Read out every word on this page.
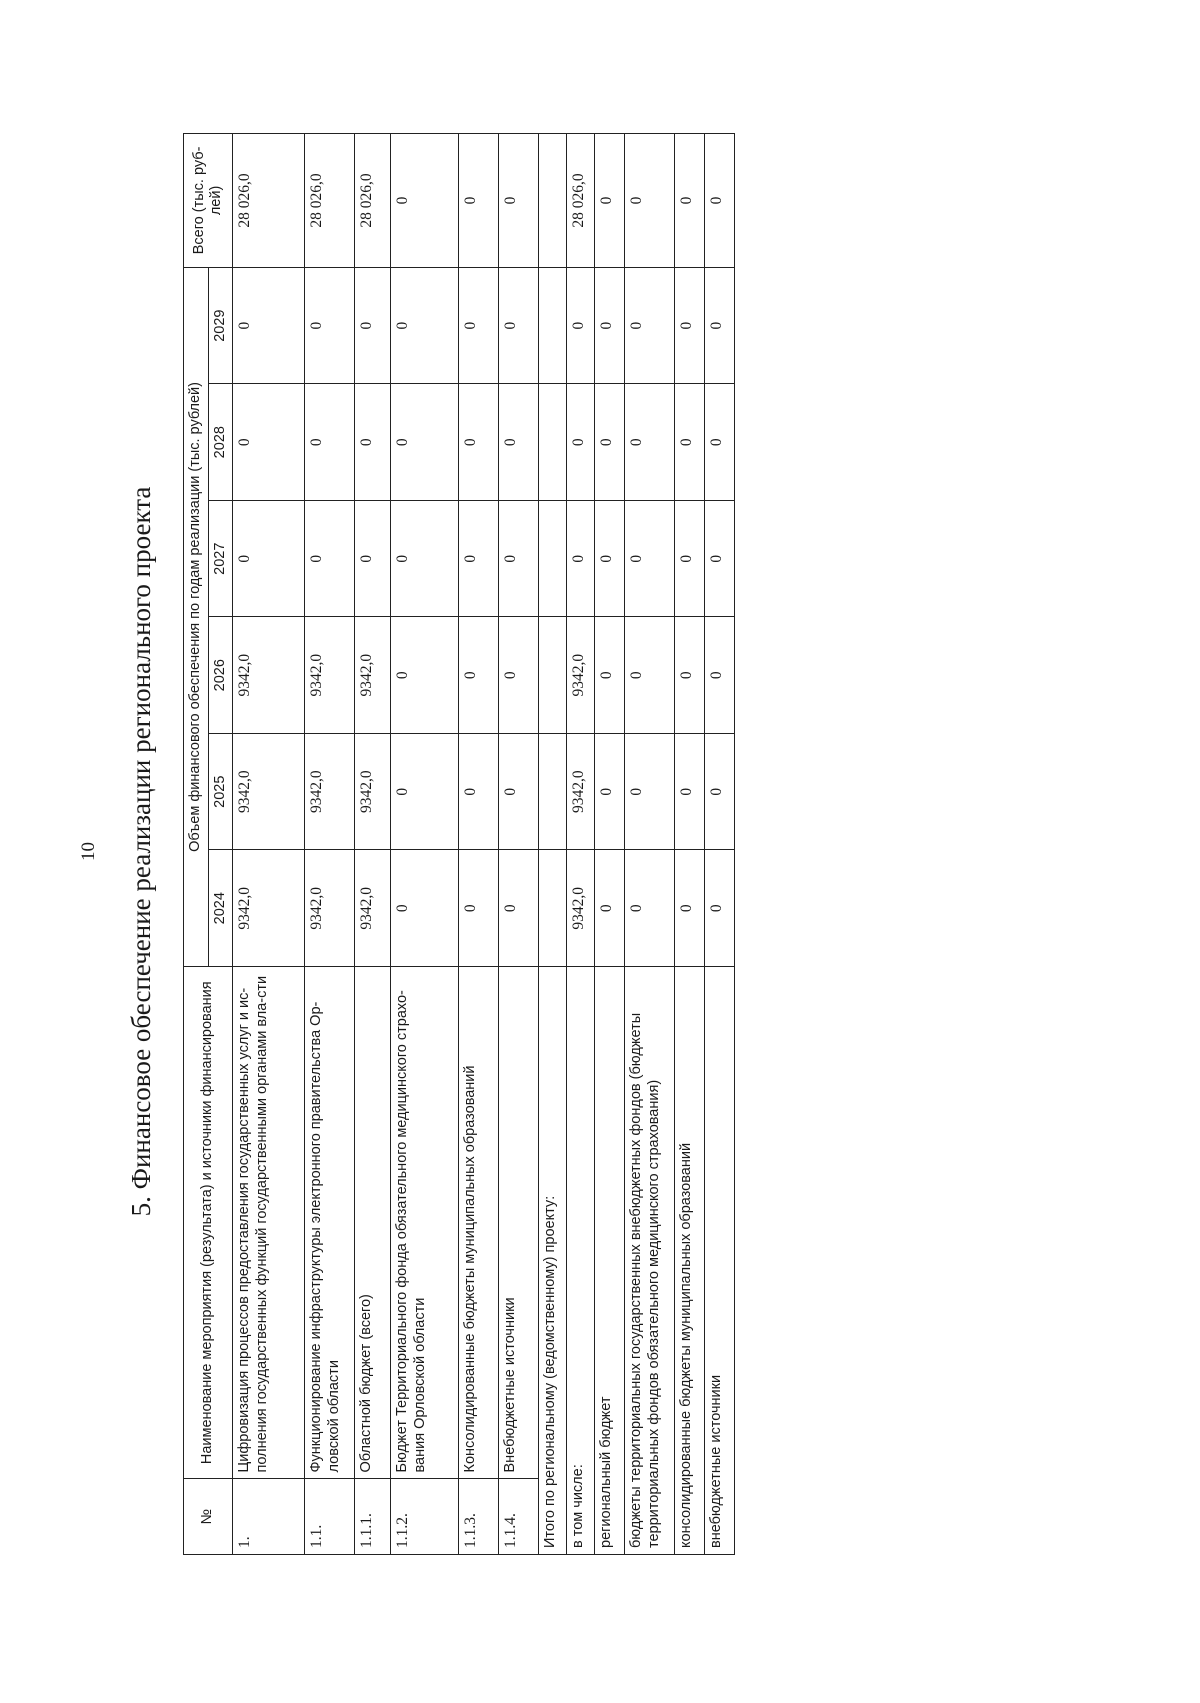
10 5. Финансовое обеспечение реализации регионального проекта
№	Наименование мероприятия (результата) и источники финансирования	Объем финансового обеспечения по годам реализации (тыс. рублей)						Всего (тыс. руб-лей)
		2024	2025	2026	2027	2028	2029	
1.	Цифровизация процессов предоставления государственных услуг и ис-полнения государственных функций государственными органами вла-сти	9342,0	9342,0	9342,0	0	0	0	28 026,0
1.1.	Функционирование инфраструктуры электронного правительства Ор-ловской области	9342,0	9342,0	9342,0	0	0	0	28 026,0
1.1.1.	Областной бюджет (всего)	9342,0	9342,0	9342,0	0	0	0	28 026,0
1.1.2.	Бюджет Территориального фонда обязательного медицинского страхо-вания Орловской области	0	0	0	0	0	0	0
1.1.3.	Консолидированные бюджеты муниципальных образований	0	0	0	0	0	0	0
1.1.4.	Внебюджетные источники	0	0	0	0	0	0	0
Итого по региональному (ведомственному) проекту:								
в том числе:		9342,0	9342,0	9342,0	0	0	0	28 026,0
региональный бюджет		0	0	0	0	0	0	0
бюджеты территориальных государственных внебюджетных фондов (бюджеты территориальных фондов обязательного медицинского страхования)		0	0	0	0	0	0	0
консолидированные бюджеты муниципальных образований		0	0	0	0	0	0	0
внебюджетные источники		0	0	0	0	0	0	0
